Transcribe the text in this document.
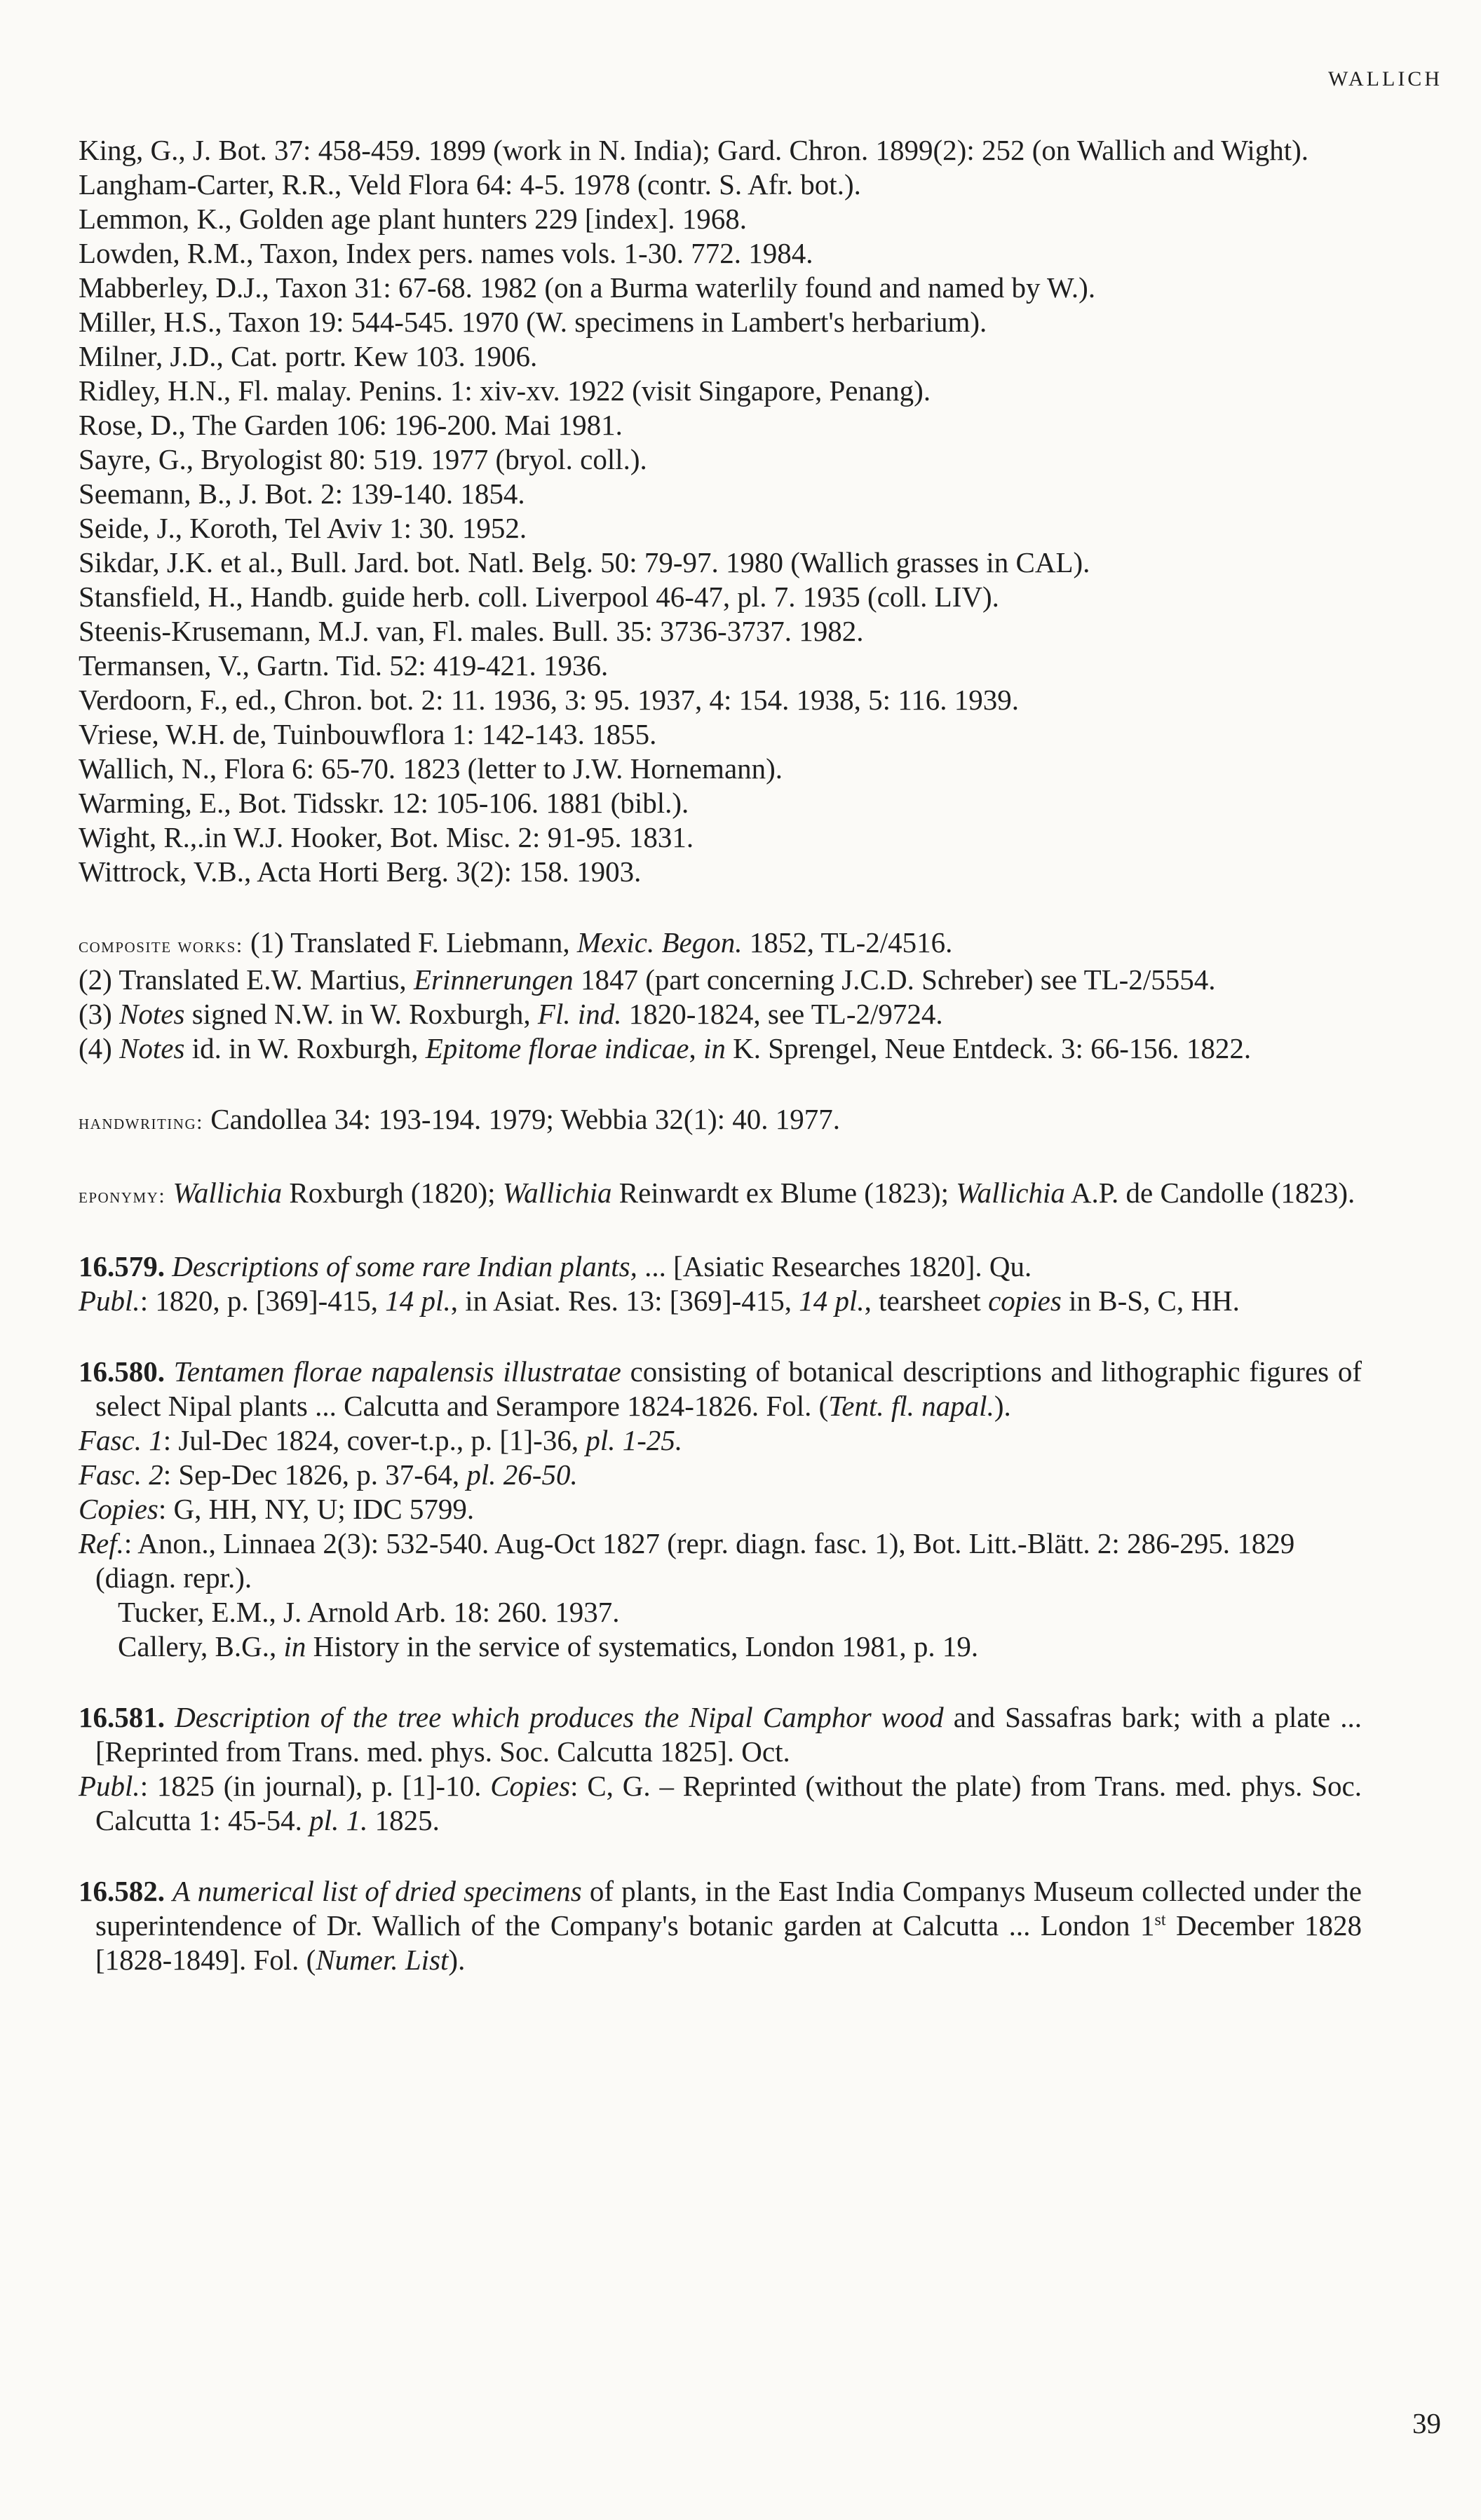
WALLICH

King, G., J. Bot. 37: 458-459. 1899 (work in N. India); Gard. Chron. 1899(2): 252 (on Wallich and Wight).

Langham-Carter, R.R., Veld Flora 64: 4-5. 1978 (contr. S. Afr. bot.).

Lemmon, K., Golden age plant hunters 229 [index]. 1968.

Lowden, R.M., Taxon, Index pers. names vols. 1-30. 772. 1984.

Mabberley, D.J., Taxon 31: 67-68. 1982 (on a Burma waterlily found and named by W.).

Miller, H.S., Taxon 19: 544-545. 1970 (W. specimens in Lambert's herbarium).

Milner, J.D., Cat. portr. Kew 103. 1906.

Ridley, H.N., Fl. malay. Penins. 1: xiv-xv. 1922 (visit Singapore, Penang).

Rose, D., The Garden 106: 196-200. Mai 1981.

Sayre, G., Bryologist 80: 519. 1977 (bryol. coll.).

Seemann, B., J. Bot. 2: 139-140. 1854.

Seide, J., Koroth, Tel Aviv 1: 30. 1952.

Sikdar, J.K. et al., Bull. Jard. bot. Natl. Belg. 50: 79-97. 1980 (Wallich grasses in CAL).

Stansfield, H., Handb. guide herb. coll. Liverpool 46-47, pl. 7. 1935 (coll. LIV).

Steenis-Krusemann, M.J. van, Fl. males. Bull. 35: 3736-3737. 1982.

Termansen, V., Gartn. Tid. 52: 419-421. 1936.

Verdoorn, F., ed., Chron. bot. 2: 11. 1936, 3: 95. 1937, 4: 154. 1938, 5: 116. 1939.

Vriese, W.H. de, Tuinbouwflora 1: 142-143. 1855.

Wallich, N., Flora 6: 65-70. 1823 (letter to J.W. Hornemann).

Warming, E., Bot. Tidsskr. 12: 105-106. 1881 (bibl.).

Wight, R.,.in W.J. Hooker, Bot. Misc. 2: 91-95. 1831.

Wittrock, V.B., Acta Horti Berg. 3(2): 158. 1903.

composite works: (1) Translated F. Liebmann, Mexic. Begon. 1852, TL-2/4516.

(2) Translated E.W. Martius, Erinnerungen 1847 (part concerning J.C.D. Schreber) see TL-2/5554.

(3) Notes signed N.W. in W. Roxburgh, Fl. ind. 1820-1824, see TL-2/9724.

(4) Notes id. in W. Roxburgh, Epitome florae indicae, in K. Sprengel, Neue Entdeck. 3: 66-156. 1822.

handwriting: Candollea 34: 193-194. 1979; Webbia 32(1): 40. 1977.

eponymy: Wallichia Roxburgh (1820); Wallichia Reinwardt ex Blume (1823); Wallichia A.P. de Candolle (1823).

16.579. Descriptions of some rare Indian plants, ... [Asiatic Researches 1820]. Qu.

Publ.: 1820, p. [369]-415, 14 pl., in Asiat. Res. 13: [369]-415, 14 pl., tearsheet copies in B-S, C, HH.

16.580. Tentamen florae napalensis illustratae consisting of botanical descriptions and lithographic figures of select Nipal plants ... Calcutta and Serampore 1824-1826. Fol. (Tent. fl. napal.).

Fasc. 1: Jul-Dec 1824, cover-t.p., p. [1]-36, pl. 1-25.

Fasc. 2: Sep-Dec 1826, p. 37-64, pl. 26-50.

Copies: G, HH, NY, U; IDC 5799.

Ref.: Anon., Linnaea 2(3): 532-540. Aug-Oct 1827 (repr. diagn. fasc. 1), Bot. Litt.-Blätt. 2: 286-295. 1829 (diagn. repr.).

Tucker, E.M., J. Arnold Arb. 18: 260. 1937.

Callery, B.G., in History in the service of systematics, London 1981, p. 19.

16.581. Description of the tree which produces the Nipal Camphor wood and Sassafras bark; with a plate ... [Reprinted from Trans. med. phys. Soc. Calcutta 1825]. Oct.

Publ.: 1825 (in journal), p. [1]-10. Copies: C, G. – Reprinted (without the plate) from Trans. med. phys. Soc. Calcutta 1: 45-54. pl. 1. 1825.

16.582. A numerical list of dried specimens of plants, in the East India Companys Museum collected under the superintendence of Dr. Wallich of the Company's botanic garden at Calcutta ... London 1st December 1828 [1828-1849]. Fol. (Numer. List).

39
